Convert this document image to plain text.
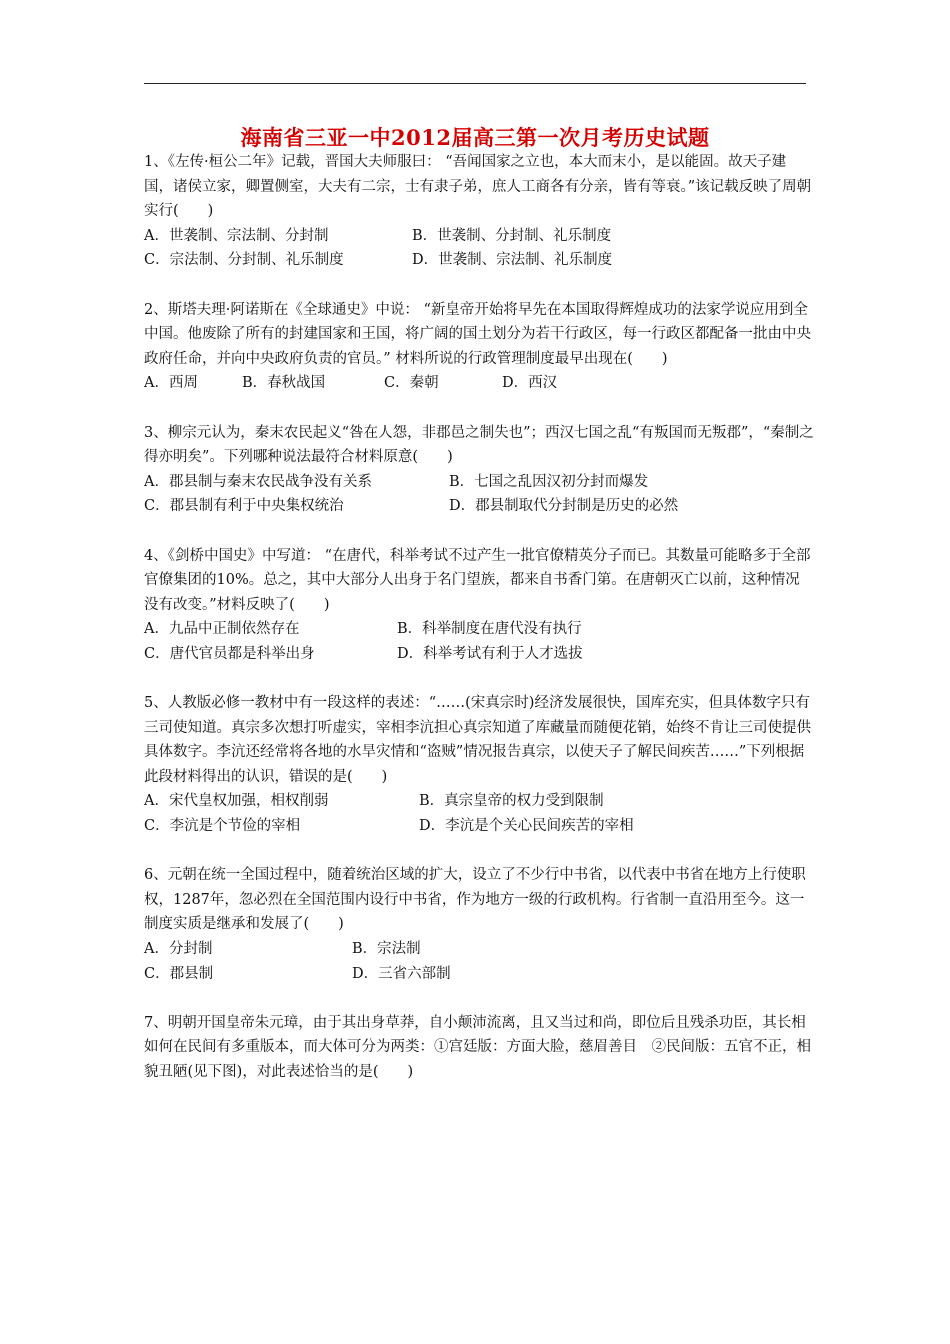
海南省三亚一中2012届高三第一次月考历史试题

1、《左传·桓公二年》记载，晋国大夫师服曰： “吾闻国家之立也，本大而末小，是以能固。故天子建国，诸侯立家，卿置侧室，大夫有二宗，士有隶子弟，庶人工商各有分亲，皆有等衰。”该记载反映了周朝实行(　　)

A．世袭制、宗法制、分封制	B．世袭制、分封制、礼乐制度
C．宗法制、分封制、礼乐制度	D．世袭制、宗法制、礼乐制度

2、斯塔夫理·阿诺斯在《全球通史》中说： “新皇帝开始将早先在本国取得辉煌成功的法家学说应用到全中国。他废除了所有的封建国家和王国，将广阔的国土划分为若干行政区，每一行政区都配备一批由中央政府任命，并向中央政府负责的官员。” 材料所说的行政管理制度最早出现在(　　)

A．西周	B．春秋战国	C．秦朝	D．西汉

3、柳宗元认为，秦末农民起义“咎在人怨，非郡邑之制失也”；西汉七国之乱“有叛国而无叛郡”，“秦制之得亦明矣”。下列哪种说法最符合材料原意(　　)

A．郡县制与秦末农民战争没有关系	B．七国之乱因汉初分封而爆发
C．郡县制有利于中央集权统治	D．郡县制取代分封制是历史的必然

4、《剑桥中国史》中写道： “在唐代，科举考试不过产生一批官僚精英分子而已。其数量可能略多于全部官僚集团的10%。总之，其中大部分人出身于名门望族，都来自书香门第。在唐朝灭亡以前，这种情况没有改变。”材料反映了(　　)

A．九品中正制依然存在	B．科举制度在唐代没有执行
C．唐代官员都是科举出身	D．科举考试有利于人才选拔

5、人教版必修一教材中有一段这样的表述：“……(宋真宗时)经济发展很快，国库充实，但具体数字只有三司使知道。真宗多次想打听虚实，宰相李沆担心真宗知道了库藏量而随便花销，始终不肯让三司使提供具体数字。李沆还经常将各地的水旱灾情和“盗贼”情况报告真宗，以使天子了解民间疾苦……”下列根据此段材料得出的认识，错误的是(　　)

A．宋代皇权加强，相权削弱	B．真宗皇帝的权力受到限制
C．李沆是个节俭的宰相	D．李沆是个关心民间疾苦的宰相

6、元朝在统一全国过程中，随着统治区域的扩大，设立了不少行中书省，以代表中书省在地方上行使职权，1287年，忽必烈在全国范围内设行中书省，作为地方一级的行政机构。行省制一直沿用至今。这一制度实质是继承和发展了(　　)

A．分封制	B．宗法制
C．郡县制	D．三省六部制

7、明朝开国皇帝朱元璋，由于其出身草莽，自小颠沛流离，且又当过和尚，即位后且残杀功臣，其长相如何在民间有多重版本，而大体可分为两类：①宫廷版：方面大脸，慈眉善目　②民间版：五官不正，相貌丑陋(见下图)，对此表述恰当的是(　　)
